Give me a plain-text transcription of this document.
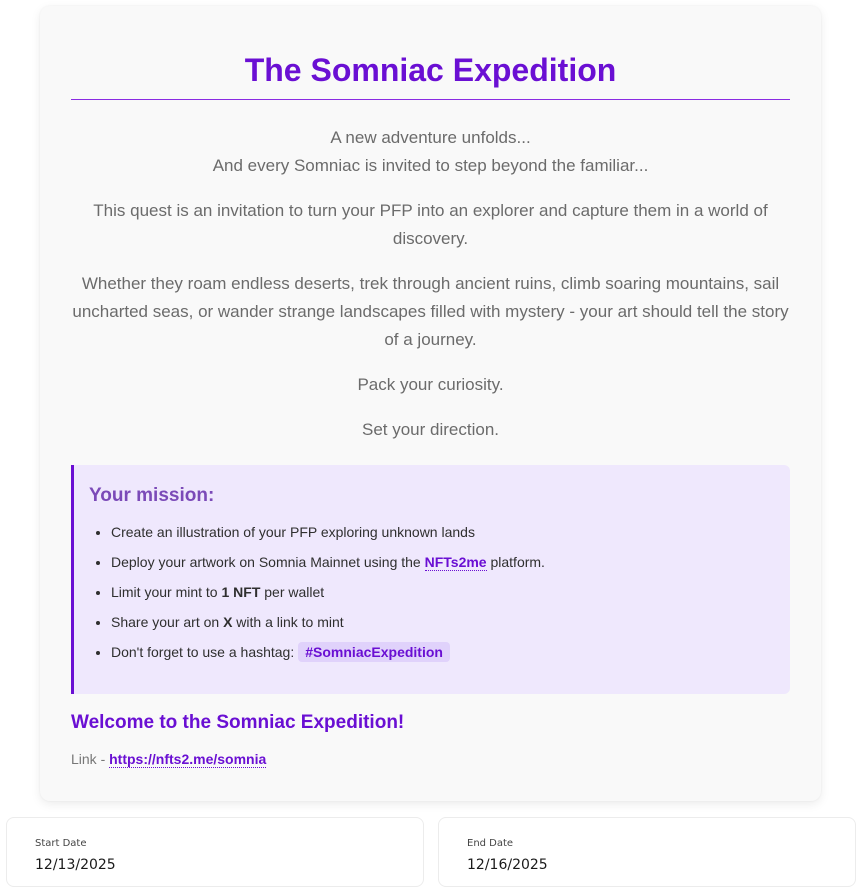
The Somniac Expedition

A new adventure unfolds...
And every Somniac is invited to step beyond the familiar...

This quest is an invitation to turn your PFP into an explorer and capture them in a world of discovery.

Whether they roam endless deserts, trek through ancient ruins, climb soaring mountains, sail uncharted seas, or wander strange landscapes filled with mystery - your art should tell the story of a journey.

Pack your curiosity.

Set your direction.

Your mission:
• Create an illustration of your PFP exploring unknown lands
• Deploy your artwork on Somnia Mainnet using the NFTs2me platform.
• Limit your mint to 1 NFT per wallet
• Share your art on X with a link to mint
• Don't forget to use a hashtag: #SomniacExpedition
Welcome to the Somniac Expedition!
Link - https://nfts2.me/somnia
Start Date
12/13/2025
End Date
12/16/2025
